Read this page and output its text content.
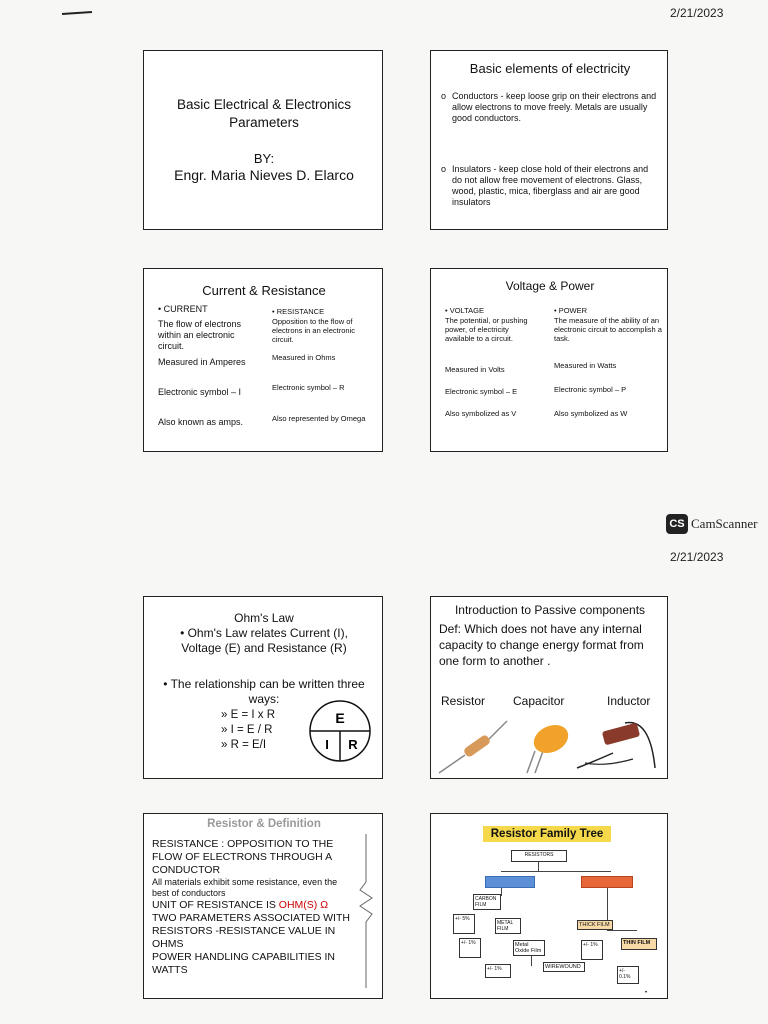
2/21/2023
Basic Electrical & Electronics
Parameters
BY:
Engr. Maria Nieves D. Elarco
Basic elements of electricity
o Conductors - keep loose grip on their electrons and allow electrons to move freely. Metals are usually good conductors.
o Insulators - keep close hold of their electrons and do not allow free movement of electrons. Glass, wood, plastic, mica, fiberglass and air are good insulators
Current & Resistance
• CURRENT
The flow of electrons within an electronic circuit.
Measured in Amperes
Electronic symbol – I
Also known as amps.
• RESISTANCE
Opposition to the flow of electrons in an electronic circuit.
Measured in Ohms
Electronic symbol – R
Also represented by Omega
Voltage & Power
• VOLTAGE
The potential, or pushing power, of electricity available to a circuit.
Measured in Volts
Electronic symbol – E
Also symbolized as V
• POWER
The measure of the ability of an electronic circuit to accomplish a task.
Measured in Watts
Electronic symbol – P
Also symbolized as W
CS CamScanner
2/21/2023
Ohm's Law
• Ohm's Law relates Current (I),
Voltage (E) and Resistance (R)
• The relationship can be written three
ways:
» E = I x R
» I = E / R
» R = E/I
E
I R
Introduction to Passive components
Def: Which does not have any internal capacity to change energy format from one form to another .
Resistor Capacitor	Inductor
Resistor & Definition
RESISTANCE : OPPOSITION TO THE FLOW OF ELECTRONS THROUGH A CONDUCTOR
All materials exhibit some resistance, even the best of conductors
UNIT OF RESISTANCE IS OHM(S) Ω
TWO PARAMETERS ASSOCIATED WITH RESISTORS -RESISTANCE VALUE IN OHMS
POWER HANDLING CAPABILITIES IN WATTS
Resistor Family Tree
RESISTORS
CARBON FILM
METAL FILM
Metal Oxide Film
WIREWOUND
THICK FILM
THIN FILM
+/- 5%
+/- 1%	+/- 1%
+/- 0.1%
+/- 1%
•
